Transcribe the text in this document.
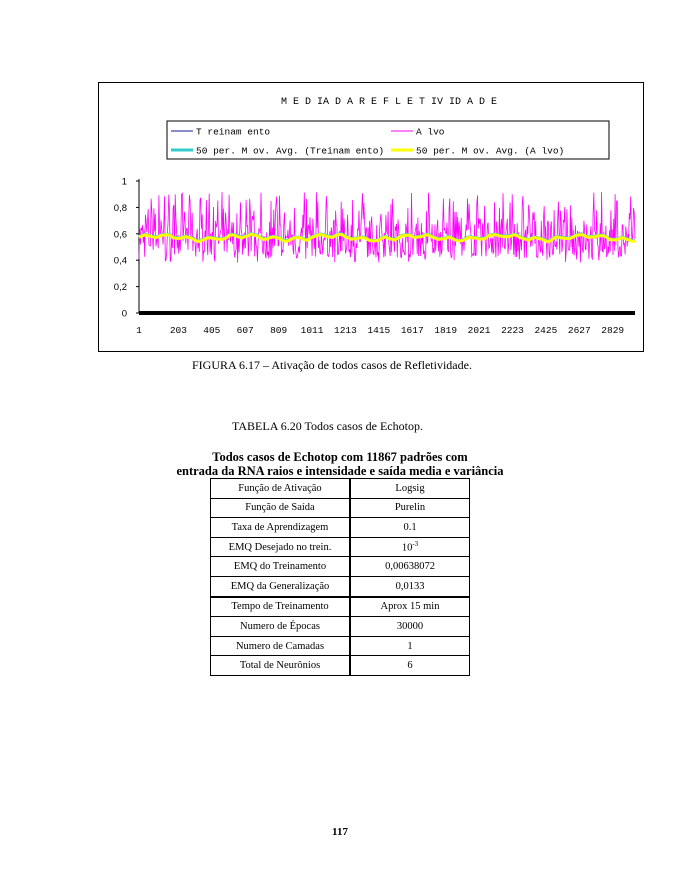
M E D IA D A R E F L E T IV ID A D E
T reinam ento	A lvo
50 per. M ov. Avg. (Treinam ento)	50 per. M ov. Avg. (A lvo)
1
0,8
0,6
0,4
0,2
0
1	203 405 607 809 1011 1213 1415 1617 1819 2021 2223 2425 2627 2829
FIGURA 6.17 – Ativação de todos casos de Refletividade.
TABELA 6.20 Todos casos de Echotop.
Todos casos de Echotop com 11867 padrões com
entrada da RNA raios e intensidade e saída media e variância
Função de Ativação	Logsig
Função de Saída	Purelin
Taxa de Aprendizagem	0.1
EMQ Desejado no trein.	$10^{-3}$
EMQ do Treinamento	0,00638072
EMQ da Generalização	0,0133
Tempo de Treinamento	Aprox 15 min
Numero de Épocas	30000
Numero de Camadas	1
Total de Neurônios	6
117
